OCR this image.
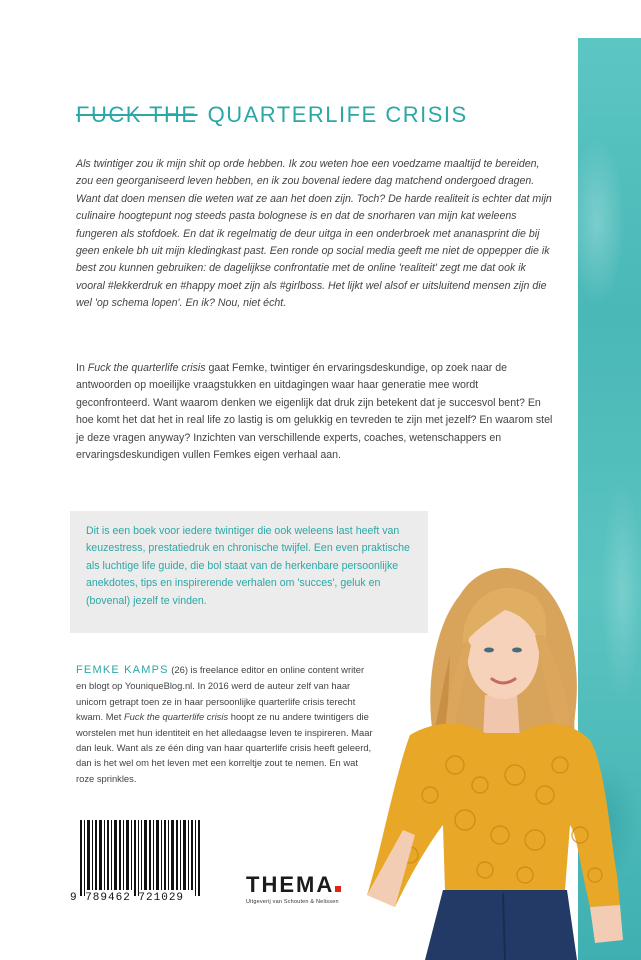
FUCK THE QUARTERLIFE CRISIS

Als twintiger zou ik mijn shit op orde hebben. Ik zou weten hoe een voedzame maaltijd te bereiden, zou een georganiseerd leven hebben, en ik zou bovenal iedere dag matchend ondergoed dragen. Want dat doen mensen die weten wat ze aan het doen zijn. Toch? De harde realiteit is echter dat mijn culinaire hoogtepunt nog steeds pasta bolognese is en dat de snorharen van mijn kat weleens fungeren als stofdoek. En dat ik regelmatig de deur uitga in een onderbroek met ananasprint die bij geen enkele bh uit mijn kledingkast past. Een ronde op social media geeft me niet de oppepper die ik best zou kunnen gebruiken: de dagelijkse confrontatie met de online 'realiteit' zegt me dat ook ik vooral #lekkerdruk en #happy moet zijn als #girlboss. Het lijkt wel alsof er uitsluitend mensen zijn die wel 'op schema lopen'. En ik? Nou, niet écht.

In Fuck the quarterlife crisis gaat Femke, twintiger én ervaringsdeskundige, op zoek naar de antwoorden op moeilijke vraagstukken en uitdagingen waar haar generatie mee wordt geconfronteerd. Want waarom denken we eigenlijk dat druk zijn betekent dat je succesvol bent? En hoe komt het dat het in real life zo lastig is om gelukkig en tevreden te zijn met jezelf? En waarom stel je deze vragen anyway? Inzichten van verschillende experts, coaches, wetenschappers en ervaringsdeskundigen vullen Femkes eigen verhaal aan.

Dit is een boek voor iedere twintiger die ook weleens last heeft van keuzestress, prestatiedruk en chronische twijfel. Een even praktische als luchtige life guide, die bol staat van de herkenbare persoonlijke anekdotes, tips en inspirerende verhalen om 'succes', geluk en (bovenal) jezelf te vinden.

FEMKE KAMPS (26) is freelance editor en online content writer en blogt op YouniqueBlog.nl. In 2016 werd de auteur zelf van haar unicorn getrapt toen ze in haar persoonlijke quarterlife crisis terecht kwam. Met Fuck the quarterlife crisis hoopt ze nu andere twintigers die worstelen met hun identiteit en het alledaagse leven te inspireren. Maar dan leuk. Want als ze één ding van haar quarterlife crisis heeft geleerd, dan is het wel om het leven met een korreltje zout te nemen. En wat roze sprinkles.

9 789462 721029
THEMA
Uitgeverij van Schouten & Nelissen
